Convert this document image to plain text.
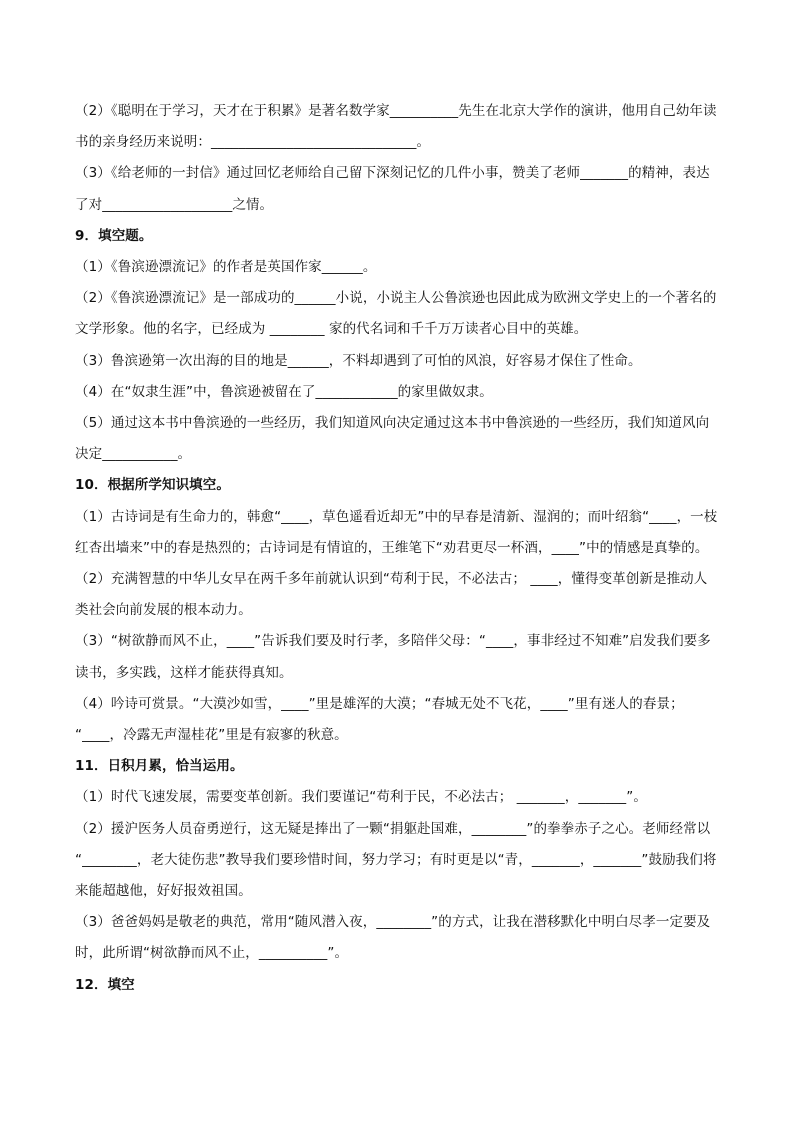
（2）《聪明在于学习，天才在于积累》是著名数学家__________先生在北京大学作的演讲，他用自己幼年读
书的亲身经历来说明：______________________________。
（3）《给老师的一封信》通过回忆老师给自己留下深刻记忆的几件小事，赞美了老师_______的精神，表达
了对___________________之情。
9．填空题。
（1）《鲁滨逊漂流记》的作者是英国作家______。
（2）《鲁滨逊漂流记》是一部成功的______小说，小说主人公鲁滨逊也因此成为欧洲文学史上的一个著名的
文学形象。他的名字，已经成为 ________ 家的代名词和千千万万读者心目中的英雄。
（3）鲁滨逊第一次出海的目的地是______，不料却遇到了可怕的风浪，好容易才保住了性命。
（4）在“奴隶生涯”中，鲁滨逊被留在了____________的家里做奴隶。
（5）通过这本书中鲁滨逊的一些经历，我们知道风向决定通过这本书中鲁滨逊的一些经历，我们知道风向
决定___________。
10．根据所学知识填空。
（1）古诗词是有生命力的，韩愈“____，草色遥看近却无”中的早春是清新、湿润的；而叶绍翁“____，一枝
红杏出墙来”中的春是热烈的；古诗词是有情谊的，王维笔下“劝君更尽一杯酒，____”中的情感是真挚的。
（2）充满智慧的中华儿女早在两千多年前就认识到“苟利于民，不必法古； ____，懂得变革创新是推动人
类社会向前发展的根本动力。
（3）“树欲静而风不止，____”告诉我们要及时行孝，多陪伴父母：“____，事非经过不知难”启发我们要多
读书，多实践，这样才能获得真知。
（4）吟诗可赏景。“大漠沙如雪，____”里是雄浑的大漠；“春城无处不飞花，____”里有迷人的春景；
“____，冷露无声湿桂花”里是有寂寥的秋意。
11．日积月累，恰当运用。
（1）时代飞速发展，需要变革创新。我们要谨记“苟利于民，不必法古； _______，_______”。
（2）援沪医务人员奋勇逆行，这无疑是捧出了一颗“捐躯赴国难，________”的拳拳赤子之心。老师经常以
“________，老大徒伤悲”教导我们要珍惜时间，努力学习；有时更是以“青，_______，_______”鼓励我们将
来能超越他，好好报效祖国。
（3）爸爸妈妈是敬老的典范，常用“随风潜入夜，________”的方式，让我在潜移默化中明白尽孝一定要及
时，此所谓“树欲静而风不止，__________”。
12．填空
